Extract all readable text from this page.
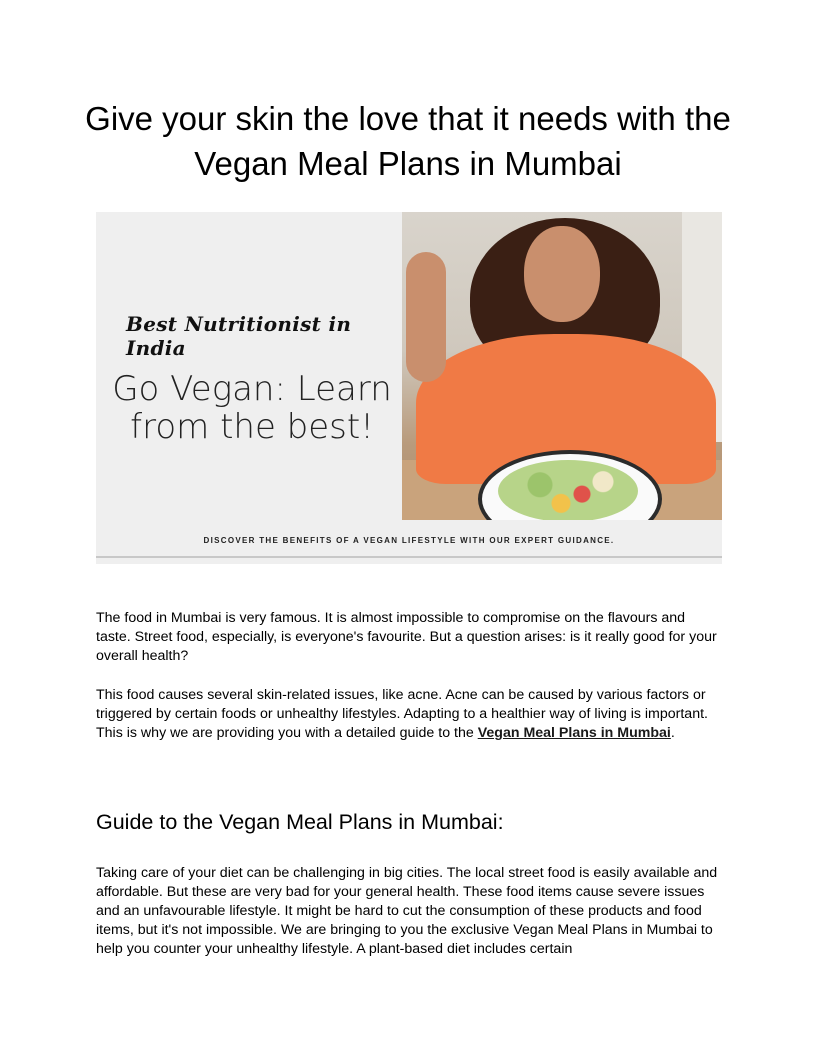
Give your skin the love that it needs with the Vegan Meal Plans in Mumbai
Best Nutritionist in India
Go Vegan: Learn from the best!
DISCOVER THE BENEFITS OF A VEGAN LIFESTYLE WITH OUR EXPERT GUIDANCE.

The food in Mumbai is very famous. It is almost impossible to compromise on the flavours and taste. Street food, especially, is everyone's favourite. But a question arises: is it really good for your overall health?

This food causes several skin-related issues, like acne. Acne can be caused by various factors or triggered by certain foods or unhealthy lifestyles. Adapting to a healthier way of living is important. This is why we are providing you with a detailed guide to the Vegan Meal Plans in Mumbai.

Guide to the Vegan Meal Plans in Mumbai:

Taking care of your diet can be challenging in big cities. The local street food is easily available and affordable. But these are very bad for your general health. These food items cause severe issues and an unfavourable lifestyle. It might be hard to cut the consumption of these products and food items, but it's not impossible. We are bringing to you the exclusive Vegan Meal Plans in Mumbai to help you counter your unhealthy lifestyle. A plant-based diet includes certain
